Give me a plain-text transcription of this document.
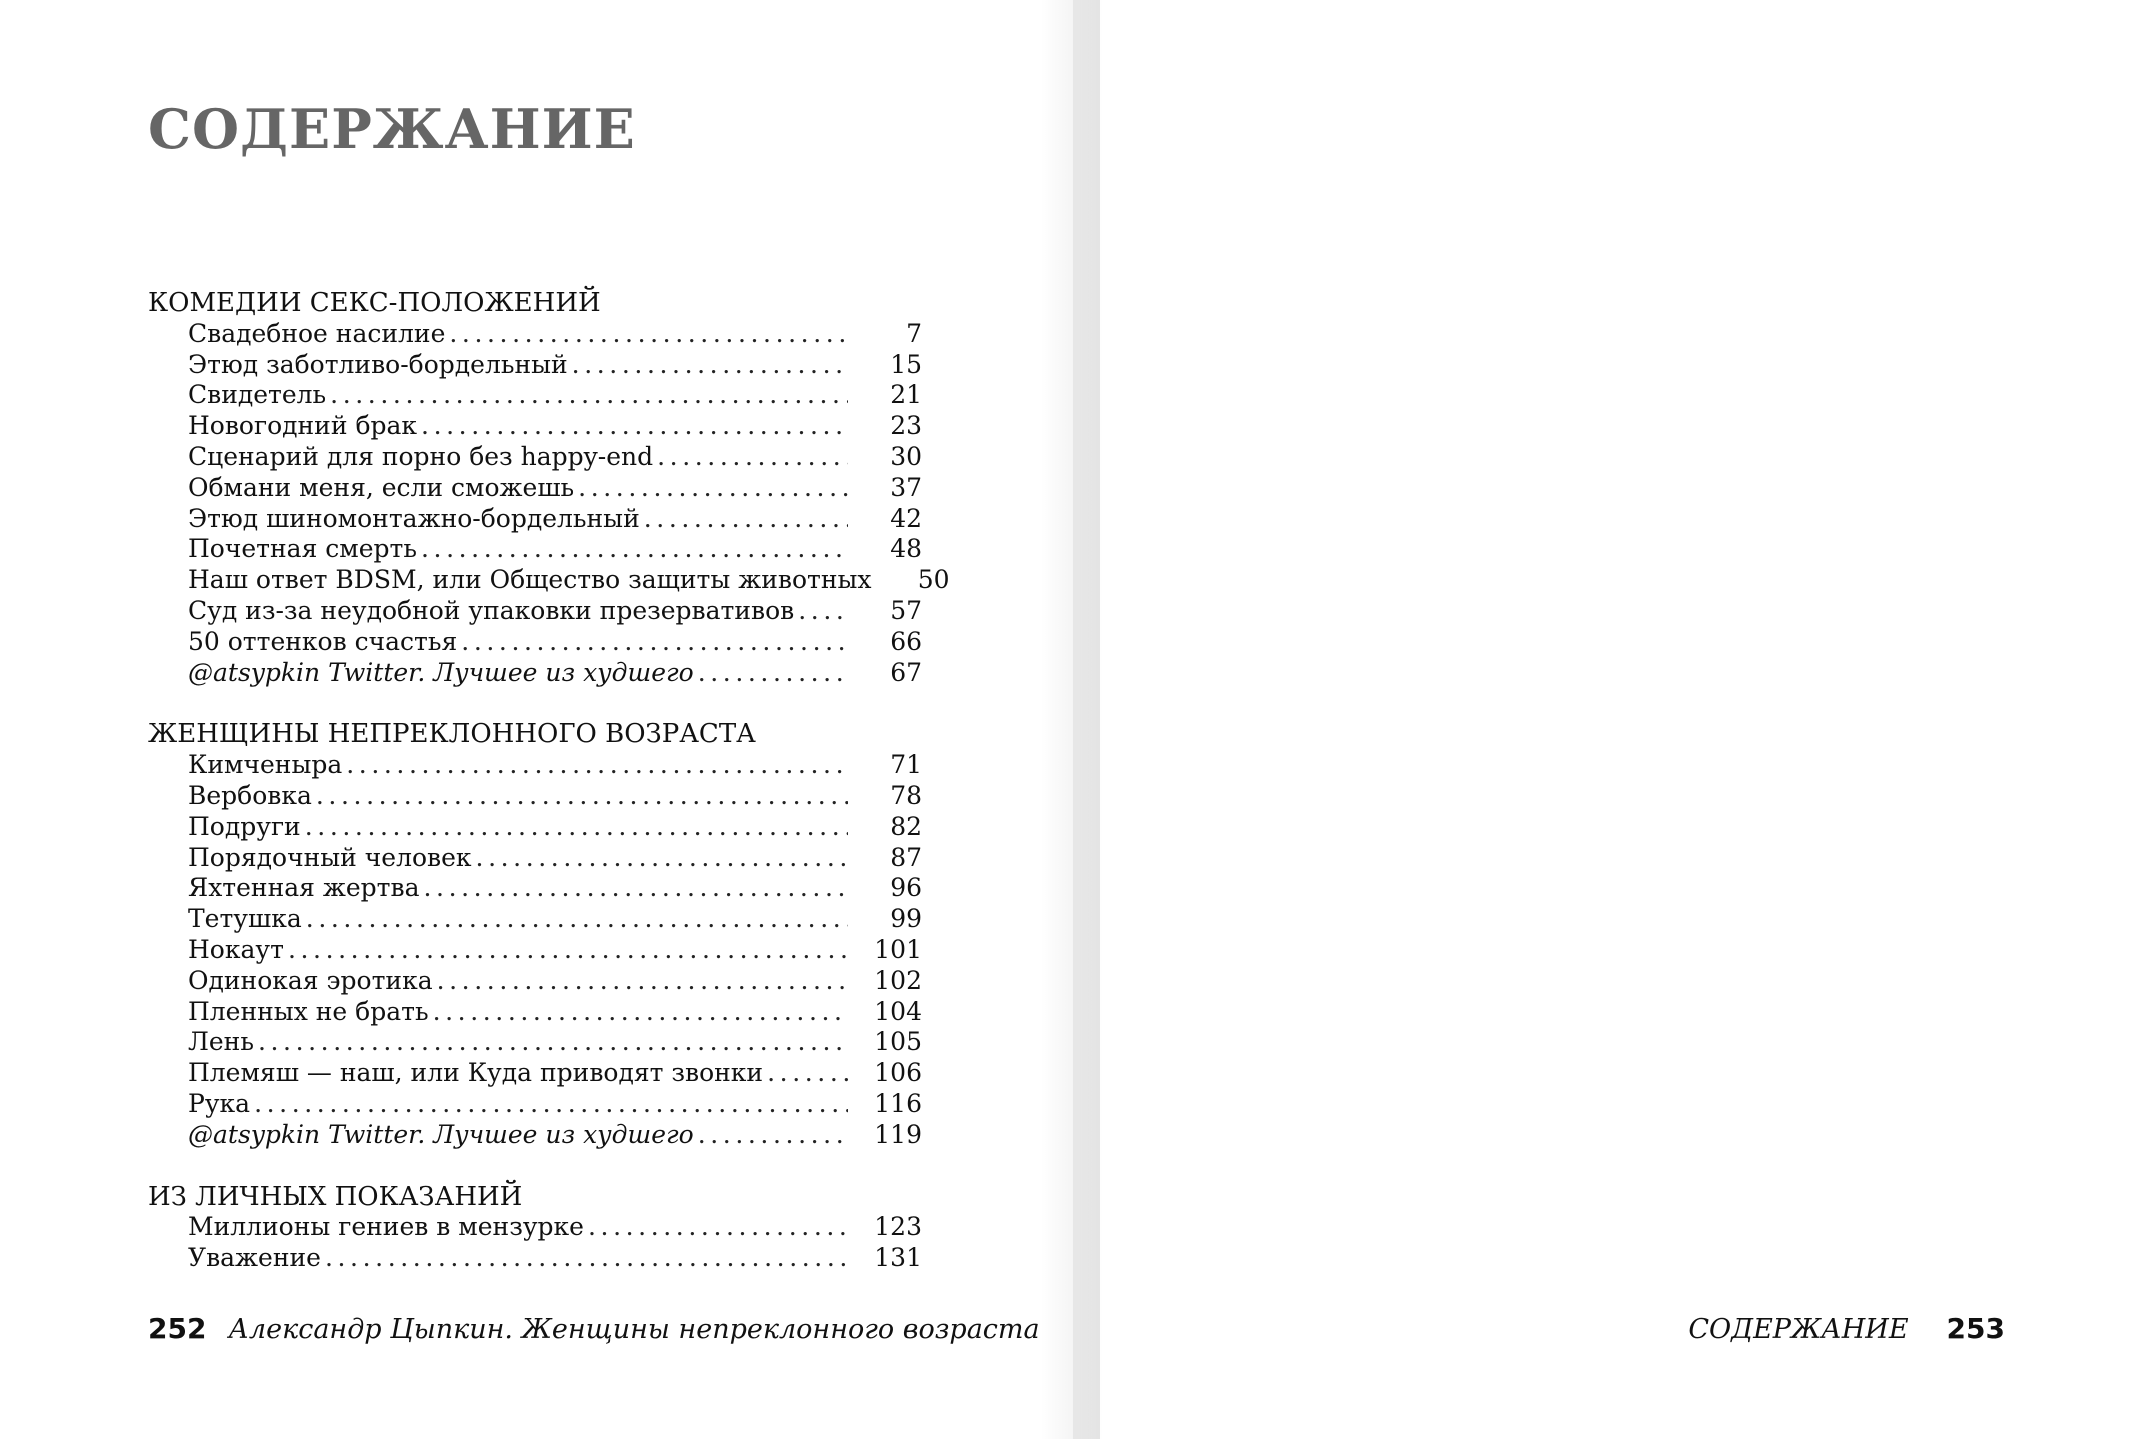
СОДЕРЖАНИЕ
КОМЕДИИ СЕКС-ПОЛОЖЕНИЙ
Свадебное насилие .....	7
Этюд заботливо-бордельный .....	15
Свидетель .....	21
Новогодний брак .....	23
Сценарий для порно без happy-end .....	30
Обмани меня, если сможешь .....	37
Этюд шиномонтажно-бордельный .....	42
Почетная смерть .....	48
Наш ответ BDSM, или Общество защиты животных	50
Суд из-за неудобной упаковки презервативов .....	57
50 оттенков счастья .....	66
@atsypkin Twitter. Лучшее из худшего .....	67
ЖЕНЩИНЫ НЕПРЕКЛОННОГО ВОЗРАСТА
Кимченыра .....	71
Вербовка .....	78
Подруги .....	82
Порядочный человек .....	87
Яхтенная жертва .....	96
Тетушка .....	99
Нокаут .....	101
Одинокая эротика .....	102
Пленных не брать .....	104
Лень .....	105
Племяш — наш, или Куда приводят звонки .....	106
Рука .....	116
@atsypkin Twitter. Лучшее из худшего .....	119
ИЗ ЛИЧНЫХ ПОКАЗАНИЙ
Миллионы гениев в мензурке .....	123
Уважение .....	131
252 Александр Цыпкин. Женщины непреклонного возраста	СОДЕРЖАНИЕ 253
